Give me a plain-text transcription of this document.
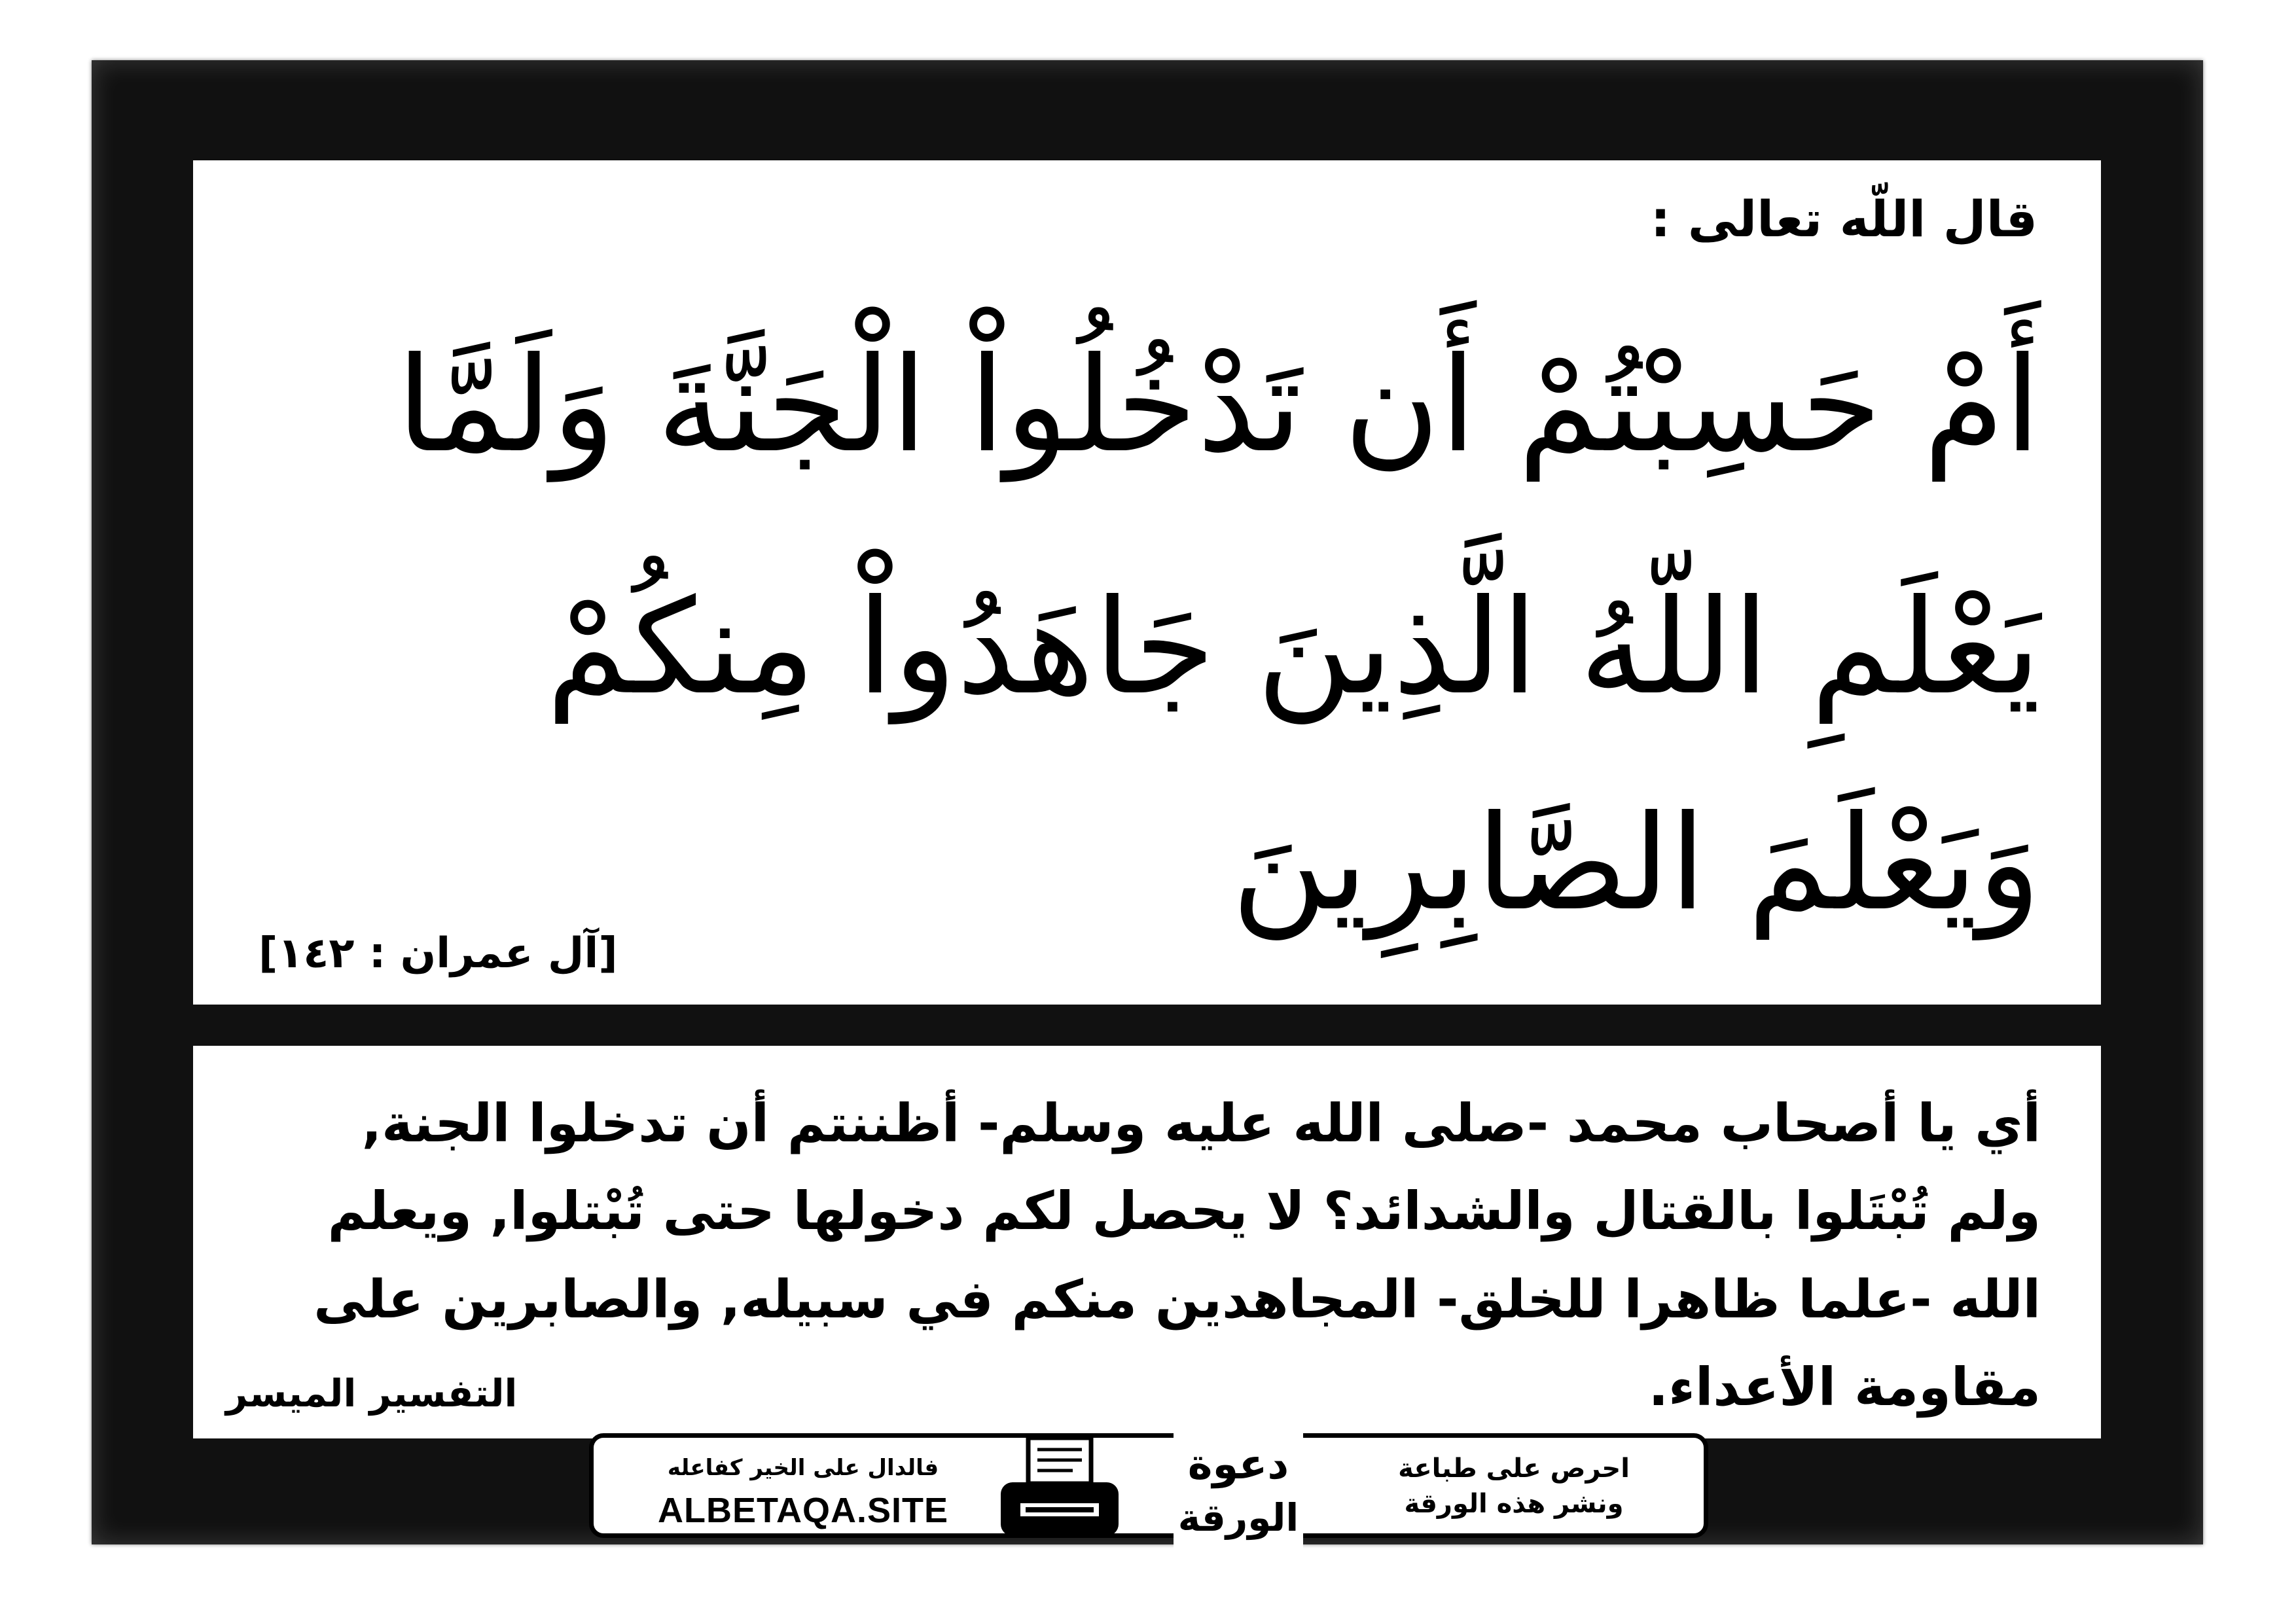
قال اللّه تعالى :
أَمْ حَسِبْتُمْ أَن تَدْخُلُواْ الْجَنَّةَ وَلَمَّا
يَعْلَمِ اللّهُ الَّذِينَ جَاهَدُواْ مِنكُمْ
وَيَعْلَمَ الصَّابِرِينَ
[آل عمران : ١٤٢]
أي يا أصحاب محمد -صلى الله عليه وسلم- أظننتم أن تدخلوا الجنة, ولم تُبْتَلوا بالقتال والشدائد؟ لا يحصل لكم دخولها حتى تُبْتلوا, ويعلم الله -علما ظاهرا للخلق- المجاهدين منكم في سبيله, والصابرين على مقاومة الأعداء.
التفسير الميسر
فالدال على الخير كفاعله
ALBETAQA.SITE
دعوة
الورقة
احرص على طباعة
ونشر هذه الورقة
